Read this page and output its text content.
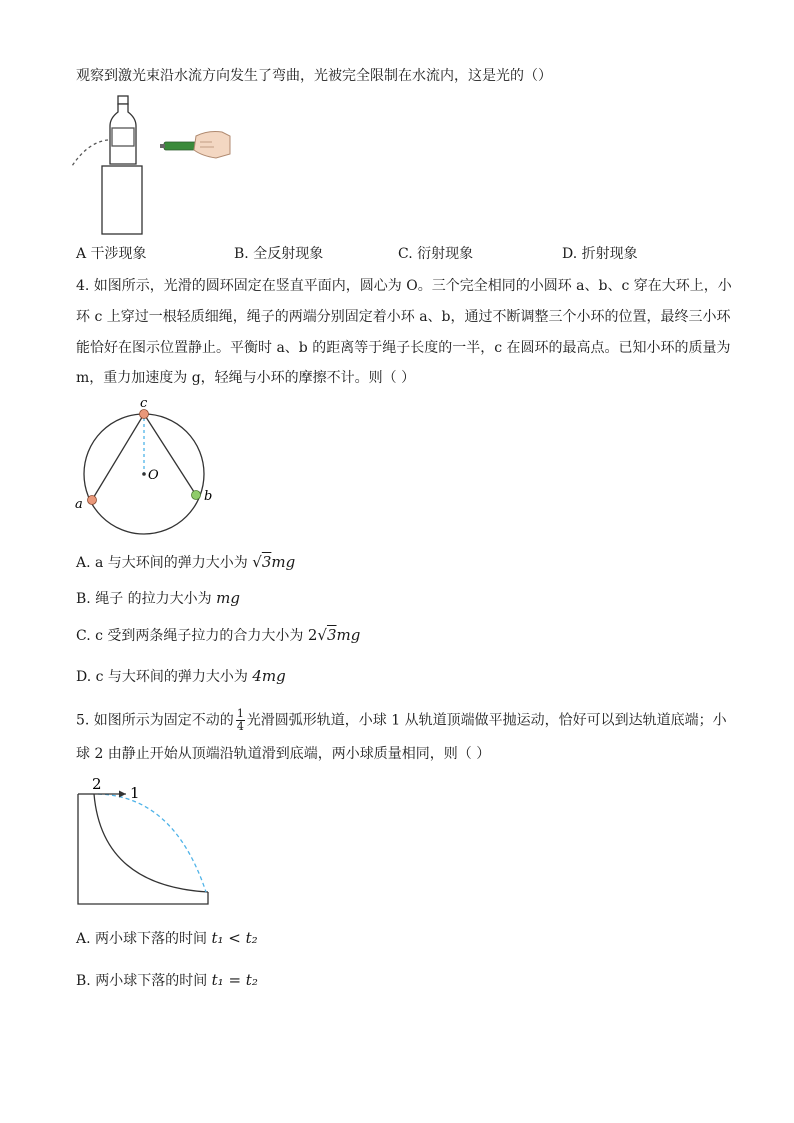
观察到激光束沿水流方向发生了弯曲，光被完全限制在水流内，这是光的（）
A 干涉现象	B. 全反射现象	C. 衍射现象	D. 折射现象
4. 如图所示，光滑的圆环固定在竖直平面内，圆心为 O。三个完全相同的小圆环 a、b、c 穿在大环上，小
环 c 上穿过一根轻质细绳，绳子的两端分别固定着小环 a、b，通过不断调整三个小环的位置，最终三小环
能恰好在图示位置静止。平衡时 a、b 的距离等于绳子长度的一半，c 在圆环的最高点。已知小环的质量为
m，重力加速度为 g，轻绳与小环的摩擦不计。则（ ）
c
O
a
b
A. a 与大环间的弹力大小为 √3mg
B. 绳子 的拉力大小为 mg
C. c 受到两条绳子拉力的合力大小为 2√3mg
D. c 与大环间的弹力大小为 4mg
5. 如图所示为固定不动的 $\frac{1}{4}$ 光滑圆弧形轨道，小球 1 从轨道顶端做平抛运动，恰好可以到达轨道底端；小
球 2 由静止开始从顶端沿轨道滑到底端，两小球质量相同，则（ ）
2 1
A. 两小球下落的时间 t₁ < t₂
B. 两小球下落的时间 t₁ = t₂
